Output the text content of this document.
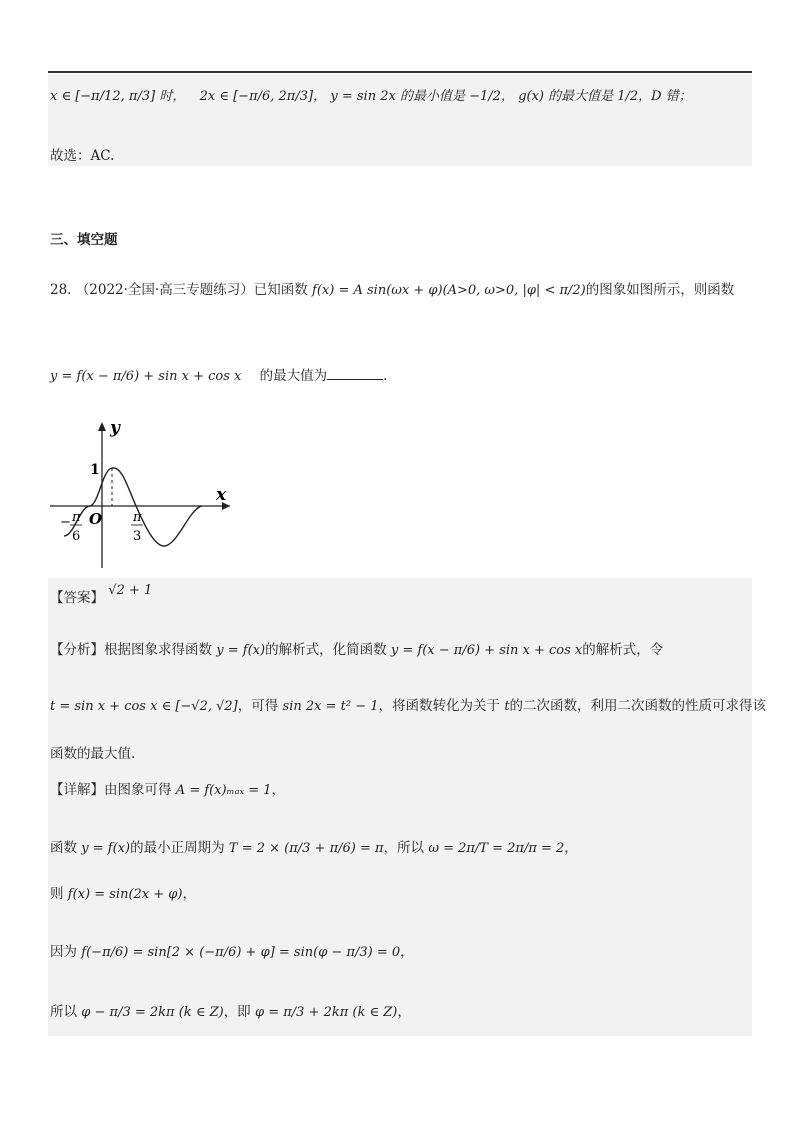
x ∈ [−π/12, π/3] 时， 2x ∈ [−π/6, 2π/3]， y = sin 2x 的最小值是 −1/2， g(x) 的最大值是 1/2，D 错；
故选：AC.
三、填空题
28. （2022·全国·高三专题练习）已知函数 f(x) = A sin(ωx + φ)(A>0, ω>0, |φ| < π/2)的图象如图所示，则函数
y = f(x − π/6) + sin x + cos x 的最大值为	.
y
x
1
O
− π
6
π
3
【答案】 √2 + 1
【分析】根据图象求得函数 y = f(x)的解析式，化简函数 y = f(x − π/6) + sin x + cos x的解析式，令
t = sin x + cos x ∈ [−√2, √2]，可得 sin 2x = t² − 1，将函数转化为关于 t的二次函数，利用二次函数的性质可求得该
函数的最大值.
【详解】由图象可得 A = f(x)ₘₐₓ = 1，
函数 y = f(x)的最小正周期为 T = 2 × (π/3 + π/6) = π，所以 ω = 2π/T = 2π/π = 2，
则 f(x) = sin(2x + φ)，
因为 f(−π/6) = sin[2 × (−π/6) + φ] = sin(φ − π/3) = 0，
所以 φ − π/3 = 2kπ (k ∈ Z)，即 φ = π/3 + 2kπ (k ∈ Z)，
